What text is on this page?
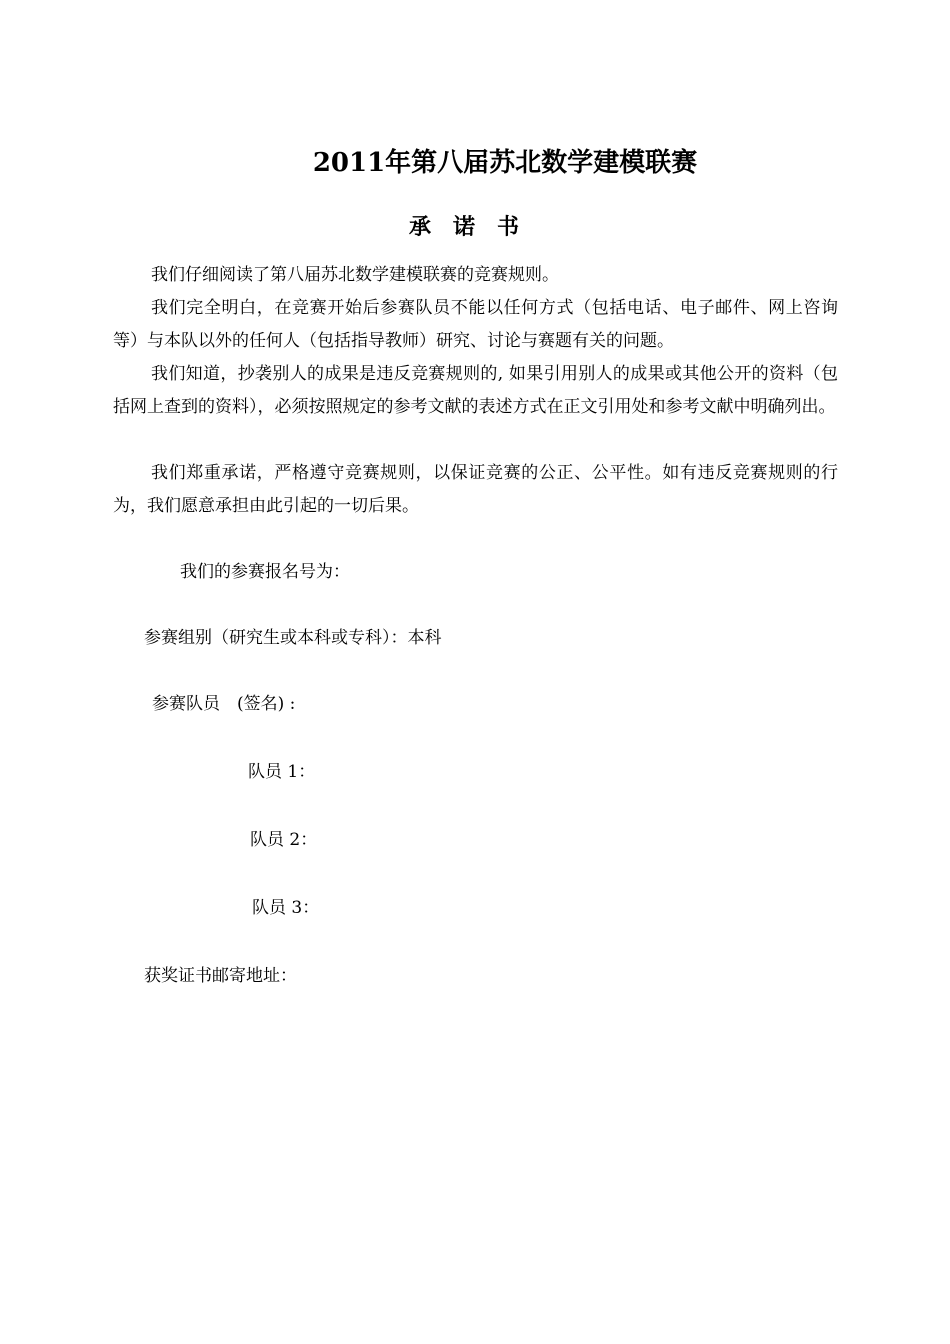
2011年第八届苏北数学建模联赛
承诺书
我们仔细阅读了第八届苏北数学建模联赛的竞赛规则。
我们完全明白，在竞赛开始后参赛队员不能以任何方式（包括电话、电子邮件、网上咨询等）与本队以外的任何人（包括指导教师）研究、讨论与赛题有关的问题。
我们知道，抄袭别人的成果是违反竞赛规则的, 如果引用别人的成果或其他公开的资料（包括网上查到的资料），必须按照规定的参考文献的表述方式在正文引用处和参考文献中明确列出。
我们郑重承诺，严格遵守竞赛规则，以保证竞赛的公正、公平性。如有违反竞赛规则的行为，我们愿意承担由此引起的一切后果。
我们的参赛报名号为：
参赛组别（研究生或本科或专科）：本科
参赛队员　(签名) :
队员 1：
队员 2：
队员 3：
获奖证书邮寄地址：
